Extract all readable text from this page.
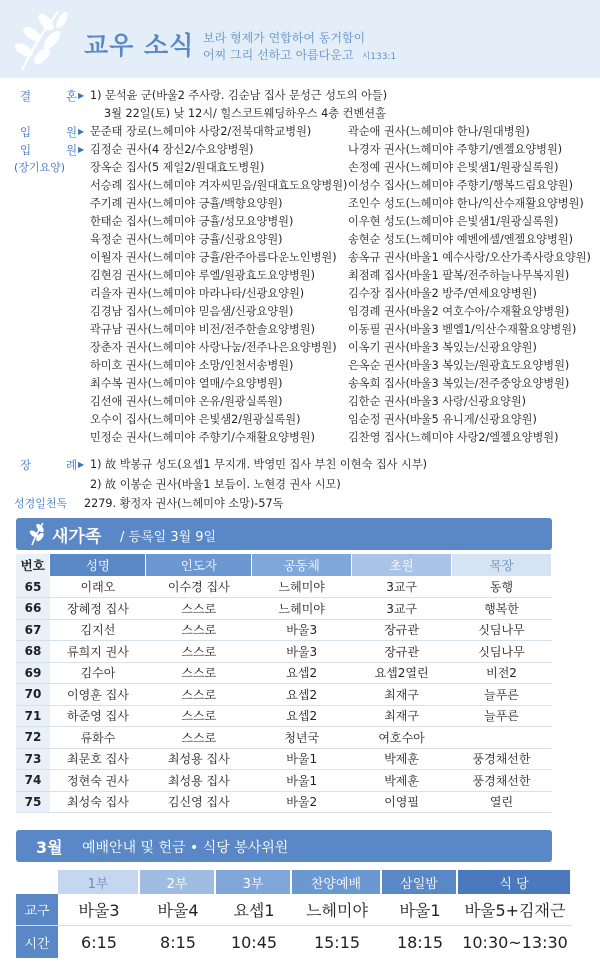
교우 소식 보라 형제가 연합하여 동거함이
어찌 그리 선하고 아름다운고 시133:1
결	혼 ▶ 1) 문석윤 군(바울2 주사랑. 김순남 집사 문성근 성도의 아들)
3월 22일(토) 낮 12시/ 힐스코트웨딩하우스 4층 컨벤션홀
입	원 ▶ 문준태 장로(느헤미야 사랑2/전북대학교병원)	곽순애 권사(느헤미야 한나/원대병원)
입	원 ▶ 김정순 권사(4 장신2/수요양병원)	나경자 권사(느헤미야 주향기/엔젤요양병원)
(장기요양) 장옥순 집사(5 제일2/원대효도병원)	손정예 권사(느헤미야 은빛샘1/원광실록원)
서승례 집사(느헤미야 겨자씨믿음/원대효도요양병원) 이성수 집사(느헤미야 주향기/행복드림요양원)
주기례 권사(느헤미야 긍휼/백향요양원)	조인수 성도(느헤미야 한나/익산수재활요양병원)
한태순 집사(느헤미야 긍휼/성모요양병원)	이우현 성도(느헤미야 은빛샘1/원광실록원)
육정순 권사(느헤미야 긍휼/신광요양원)	송현순 성도(느헤미야 예벤에셀/엔젤요양병원)
이월자 권사(느헤미야 긍휼/완주아름다운노인병원) 송옥규 권사(바울1 예수사랑/오산가족사랑요양원)
김현검 권사(느헤미야 루엘/원광효도요양병원)	최점례 집사(바울1 팔복/전주하늘나무복지원)
리을자 권사(느헤미야 마라나타/신광요양원)	김수장 집사(바울2 방주/연세요양병원)
김경남 집사(느헤미야 믿음샘/신광요양원)	임경례 권사(바울2 여호수아/수재활요양병원)
곽규남 권사(느헤미야 비전/전주한솔요양병원)	이동필 권사(바울3 벧엘1/익산수재활요양병원)
장춘자 권사(느헤미야 사랑나눔/전주나은요양병원) 이옥기 권사(바울3 복있는/신광요양원)
하미호 권사(느헤미야 소망/인천서송병원)	은옥순 권사(바울3 복있는/원광효도요양병원)
최수복 권사(느헤미야 열매/수요양병원)	송옥희 집사(바울3 복있는/전주중앙요양병원)
김선애 권사(느헤미야 온유/원광실록원)	김한순 권사(바울3 사랑/신광요양원)
오수이 집사(느헤미야 은빛샘2/원광실록원)	임순정 권사(바울5 유니게/신광요양원)
민정순 권사(느헤미야 주향기/수재활요양병원)	김찬영 집사(느헤미야 사랑2/엘젤요양병원)
장	례 ▶ 1) 故 박봉규 성도(요셉1 무지개. 박영민 집사 부친 이현숙 집사 시부)
2) 故 이봉순 권사(바울1 보듬이. 노현경 권사 시모)
성경일천독 2279. 황정자 권사(느헤미야 소망)-57독
새가족 / 등록일 3월 9일
번호	성명	인도자	공동체	초원	목장
65	이래오	이수경 집사	느헤미야	3교구	동행
66	장혜정 집사	스스로	느헤미야	3교구	행복한
67	김지선	스스로	바울3	장규관	싯딤나무
68	류희지 권사	스스로	바울3	장규관	싯딤나무
69	김수아	스스로	요셉2	요셉2열린	비전2
70	이영훈 집사	스스로	요셉2	최재구	늘푸른
71	하준영 집사	스스로	요셉2	최재구	늘푸른
72	류화수	스스로	청년국	여호수아	
73	최문호 집사	최성용 집사	바울1	박제훈	풍경채선한
74	정현숙 권사	최성용 집사	바울1	박제훈	풍경채선한
75	최성숙 집사	김신영 집사	바울2	이영필	열린
3월 예배안내 및 헌금 • 식당 봉사위원
	1부	2부	3부	찬양예배	삼일밤	식 당
교구	바울3	바울4	요셉1	느헤미야	바울1	바울5+김재근
시간	6:15	8:15	10:45	15:15	18:15	10:30~13:30
